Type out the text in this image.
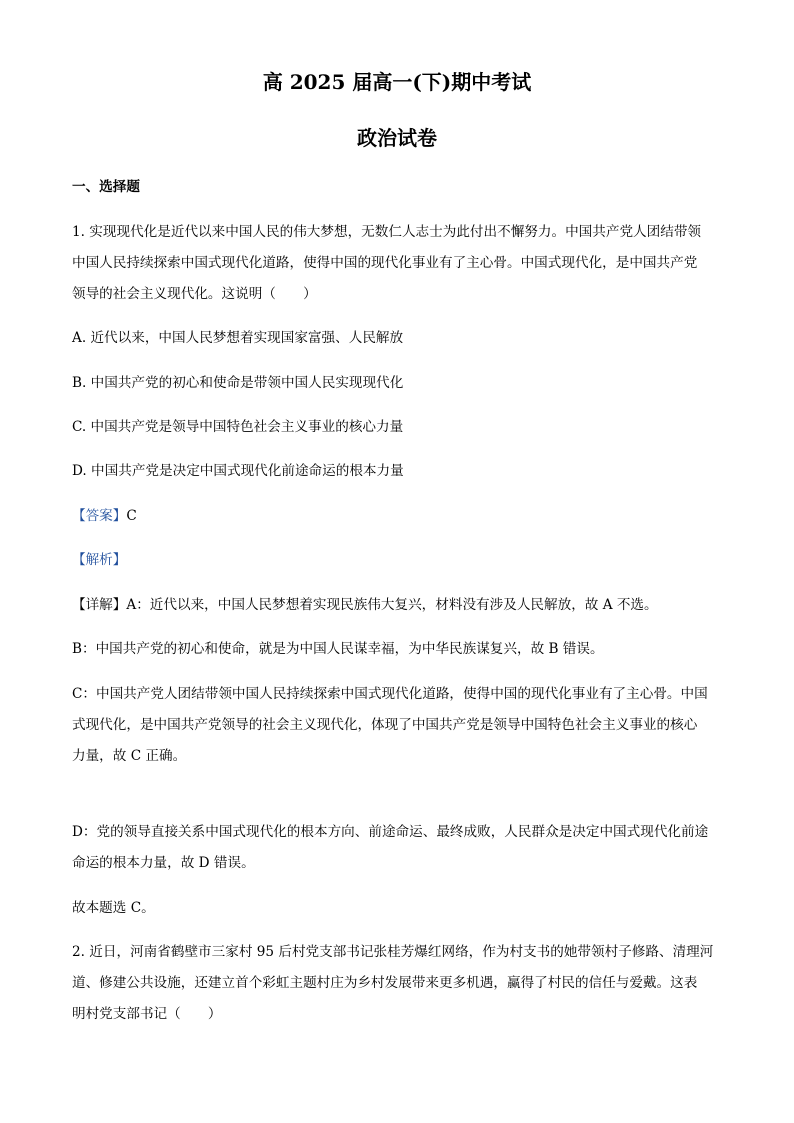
高 2025 届高一(下)期中考试
政治试卷
一、选择题
1. 实现现代化是近代以来中国人民的伟大梦想，无数仁人志士为此付出不懈努力。中国共产党人团结带领
中国人民持续探索中国式现代化道路，使得中国的现代化事业有了主心骨。中国式现代化，是中国共产党
领导的社会主义现代化。这说明（　　）
A. 近代以来，中国人民梦想着实现国家富强、人民解放
B. 中国共产党的初心和使命是带领中国人民实现现代化
C. 中国共产党是领导中国特色社会主义事业的核心力量
D. 中国共产党是决定中国式现代化前途命运的根本力量
【答案】C
【解析】
【详解】A：近代以来，中国人民梦想着实现民族伟大复兴，材料没有涉及人民解放，故 A 不选。
B：中国共产党的初心和使命，就是为中国人民谋幸福，为中华民族谋复兴，故 B 错误。
C：中国共产党人团结带领中国人民持续探索中国式现代化道路，使得中国的现代化事业有了主心骨。中国
式现代化，是中国共产党领导的社会主义现代化，体现了中国共产党是领导中国特色社会主义事业的核心
力量，故 C 正确。
D：党的领导直接关系中国式现代化的根本方向、前途命运、最终成败，人民群众是决定中国式现代化前途
命运的根本力量，故 D 错误。
故本题选 C。
2. 近日，河南省鹤壁市三家村 95 后村党支部书记张桂芳爆红网络，作为村支书的她带领村子修路、清理河
道、修建公共设施，还建立首个彩虹主题村庄为乡村发展带来更多机遇，赢得了村民的信任与爱戴。这表
明村党支部书记（　　）
